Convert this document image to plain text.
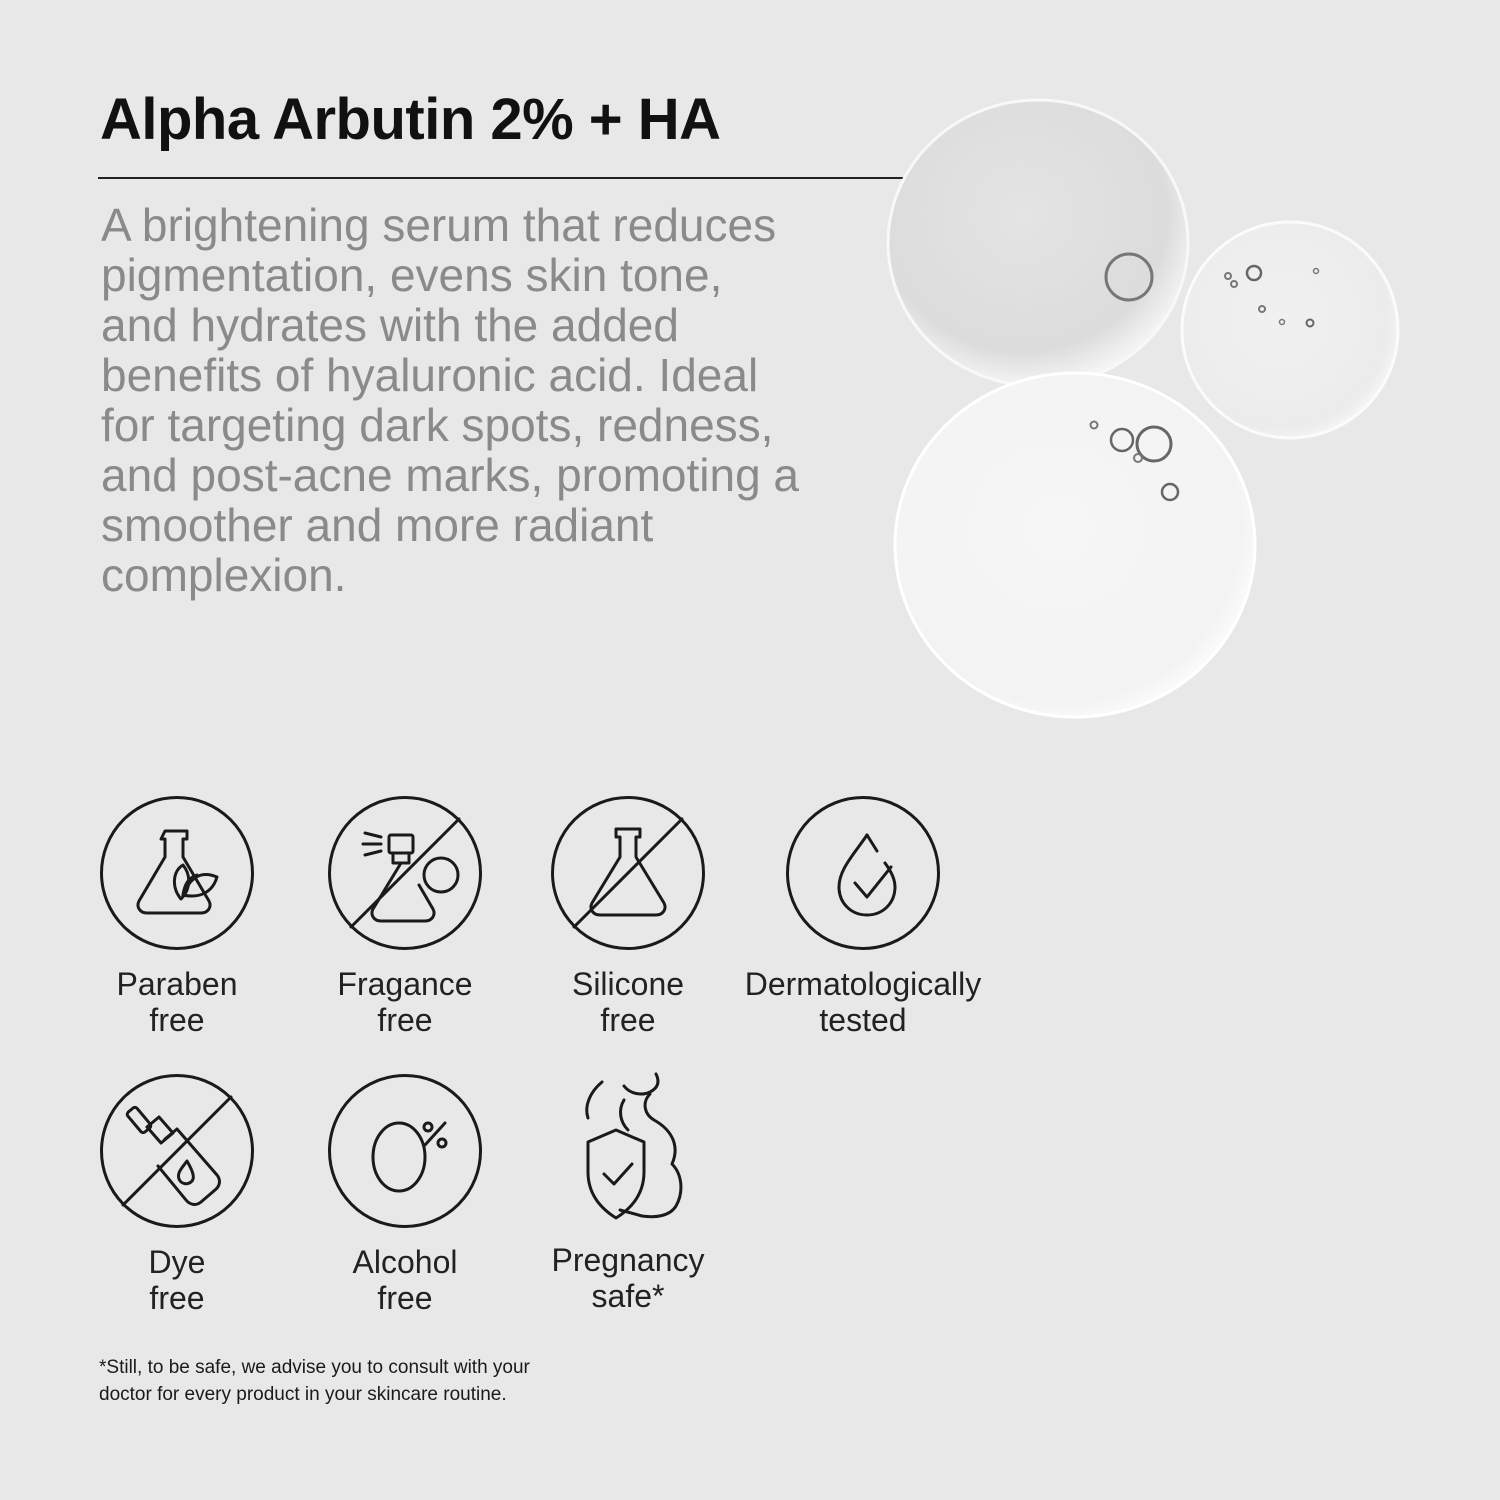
Alpha Arbutin 2% + HA

A brightening serum that reduces pigmentation, evens skin tone, and hydrates with the added benefits of hyaluronic acid. Ideal for targeting dark spots, redness, and post-acne marks, promoting a smoother and more radiant complexion.

Paraben
free
Fragance
free
Silicone
free
Dermatologically
tested
Dye
free
Alcohol
free
Pregnancy
safe*

*Still, to be safe, we advise you to consult with your doctor for every product in your skincare routine.
